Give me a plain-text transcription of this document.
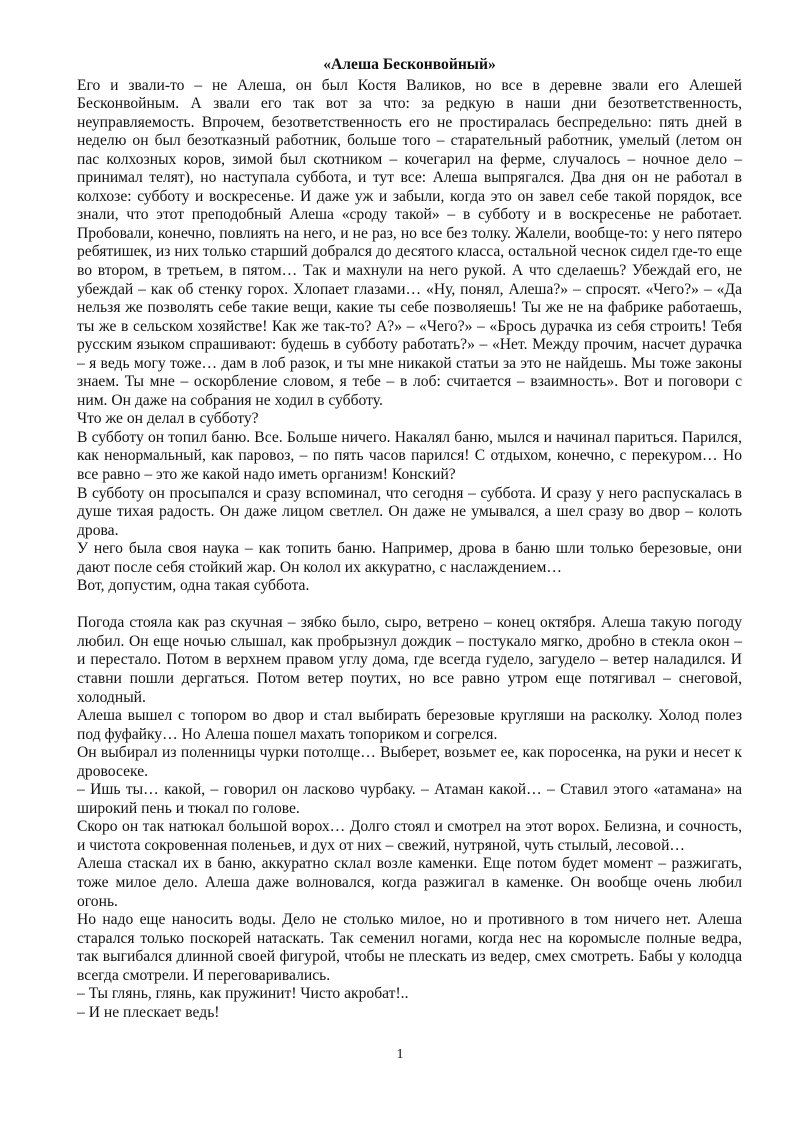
«Алеша Бесконвойный»

Его и звали-то – не Алеша, он был Костя Валиков, но все в деревне звали его Алешей Бесконвойным. А звали его так вот за что: за редкую в наши дни безответственность, неуправляемость. Впрочем, безответственность его не простиралась беспредельно: пять дней в неделю он был безотказный работник, больше того – старательный работник, умелый (летом он пас колхозных коров, зимой был скотником – кочегарил на ферме, случалось – ночное дело – принимал телят), но наступала суббота, и тут все: Алеша выпрягался. Два дня он не работал в колхозе: субботу и воскресенье. И даже уж и забыли, когда это он завел себе такой порядок, все знали, что этот преподобный Алеша «сроду такой» – в субботу и в воскресенье не работает. Пробовали, конечно, повлиять на него, и не раз, но все без толку. Жалели, вообще-то: у него пятеро ребятишек, из них только старший добрался до десятого класса, остальной чеснок сидел где-то еще во втором, в третьем, в пятом… Так и махнули на него рукой. А что сделаешь? Убеждай его, не убеждай – как об стенку горох. Хлопает глазами… «Ну, понял, Алеша?» – спросят. «Чего?» – «Да нельзя же позволять себе такие вещи, какие ты себе позволяешь! Ты же не на фабрике работаешь, ты же в сельском хозяйстве! Как же так-то? А?» – «Чего?» – «Брось дурачка из себя строить! Тебя русским языком спрашивают: будешь в субботу работать?» – «Нет. Между прочим, насчет дурачка – я ведь могу тоже… дам в лоб разок, и ты мне никакой статьи за это не найдешь. Мы тоже законы знаем. Ты мне – оскорбление словом, я тебе – в лоб: считается – взаимность». Вот и поговори с ним. Он даже на собрания не ходил в субботу.

Что же он делал в субботу?

В субботу он топил баню. Все. Больше ничего. Накалял баню, мылся и начинал париться. Парился, как ненормальный, как паровоз, – по пять часов парился! С отдыхом, конечно, с перекуром… Но все равно – это же какой надо иметь организм! Конский?

В субботу он просыпался и сразу вспоминал, что сегодня – суббота. И сразу у него распускалась в душе тихая радость. Он даже лицом светлел. Он даже не умывался, а шел сразу во двор – колоть дрова.

У него была своя наука – как топить баню. Например, дрова в баню шли только березовые, они дают после себя стойкий жар. Он колол их аккуратно, с наслаждением…

Вот, допустим, одна такая суббота.

Погода стояла как раз скучная – зябко было, сыро, ветрено – конец октября. Алеша такую погоду любил. Он еще ночью слышал, как пробрызнул дождик – постукало мягко, дробно в стекла окон – и перестало. Потом в верхнем правом углу дома, где всегда гудело, загудело – ветер наладился. И ставни пошли дергаться. Потом ветер поутих, но все равно утром еще потягивал – снеговой, холодный.

Алеша вышел с топором во двор и стал выбирать березовые кругляши на расколку. Холод полез под фуфайку… Но Алеша пошел махать топориком и согрелся.

Он выбирал из поленницы чурки потолще… Выберет, возьмет ее, как поросенка, на руки и несет к дровосеке.

– Ишь ты… какой, – говорил он ласково чурбаку. – Атаман какой… – Ставил этого «атамана» на широкий пень и тюкал по голове.

Скоро он так натюкал большой ворох… Долго стоял и смотрел на этот ворох. Белизна, и сочность, и чистота сокровенная поленьев, и дух от них – свежий, нутряной, чуть стылый, лесовой…

Алеша стаскал их в баню, аккуратно склал возле каменки. Еще потом будет момент – разжигать, тоже милое дело. Алеша даже волновался, когда разжигал в каменке. Он вообще очень любил огонь.

Но надо еще наносить воды. Дело не столько милое, но и противного в том ничего нет. Алеша старался только поскорей натаскать. Так семенил ногами, когда нес на коромысле полные ведра, так выгибался длинной своей фигурой, чтобы не плескать из ведер, смех смотреть. Бабы у колодца всегда смотрели. И переговаривались.

– Ты глянь, глянь, как пружинит! Чисто акробат!..

– И не плескает ведь!

1
